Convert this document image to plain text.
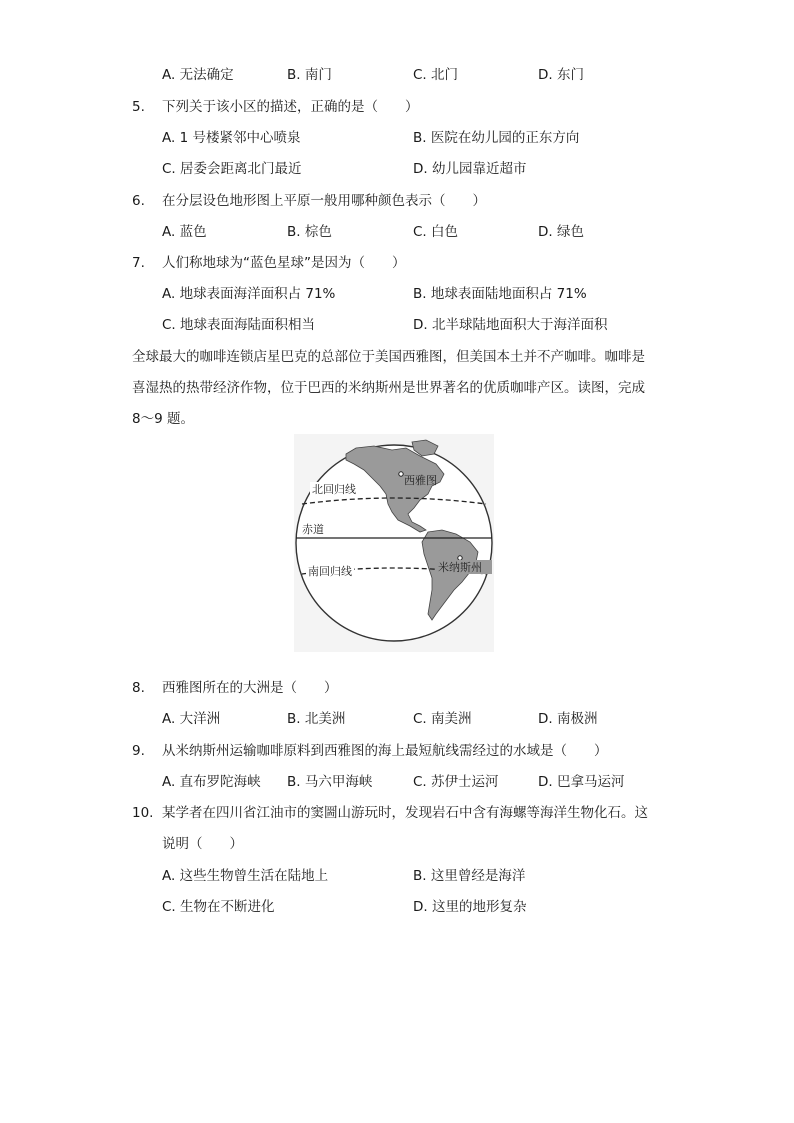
A. 无法确定	B. 南门	C. 北门	D. 东门
5. 下列关于该小区的描述，正确的是（　　）
A. 1 号楼紧邻中心喷泉	B. 医院在幼儿园的正东方向
C. 居委会距离北门最近	D. 幼儿园靠近超市
6. 在分层设色地形图上平原一般用哪种颜色表示（　　）
A. 蓝色	B. 棕色	C. 白色	D. 绿色
7. 人们称地球为“蓝色星球”是因为（　　）
A. 地球表面海洋面积占 71%	B. 地球表面陆地面积占 71%
C. 地球表面海陆面积相当	D. 北半球陆地面积大于海洋面积
全球最大的咖啡连锁店星巴克的总部位于美国西雅图，但美国本土并不产咖啡。咖啡是
喜湿热的热带经济作物，位于巴西的米纳斯州是世界著名的优质咖啡产区。读图，完成
8～9 题。
北回归线
赤道
南回归线
西雅图
米纳斯州
8. 西雅图所在的大洲是（　　）
A. 大洋洲	B. 北美洲	C. 南美洲	D. 南极洲
9. 从米纳斯州运输咖啡原料到西雅图的海上最短航线需经过的水域是（　　）
A. 直布罗陀海峡 B. 马六甲海峡	C. 苏伊士运河	D. 巴拿马运河
10. 某学者在四川省江油市的窦圌山游玩时，发现岩石中含有海螺等海洋生物化石。这
说明（　　）
A. 这些生物曾生活在陆地上	B. 这里曾经是海洋
C. 生物在不断进化	D. 这里的地形复杂
